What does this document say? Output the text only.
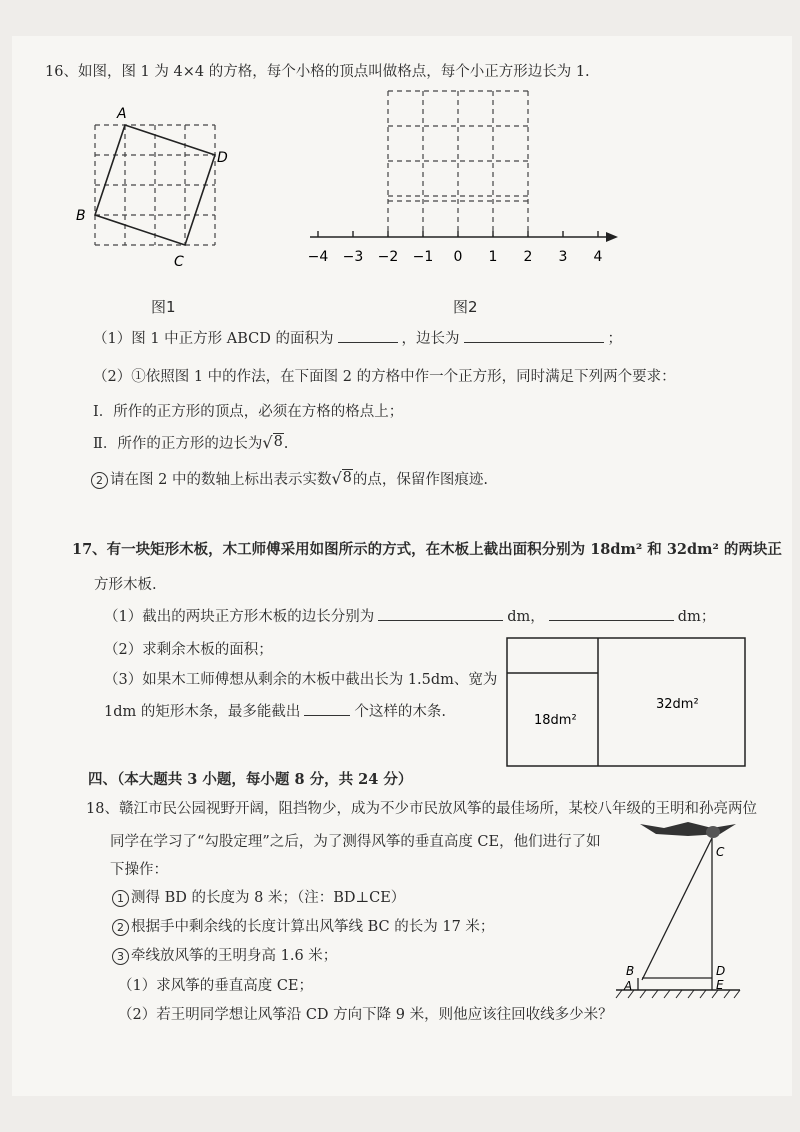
16、如图，图 1 为 4×4 的方格，每个小格的顶点叫做格点，每个小正方形边长为 1.
A
D
C
B
图1
−4 −3 −2 −1 0 1 2 3 4
图2
（1）图 1 中正方形 ABCD 的面积为	，边长为	；
（2）①依照图 1 中的作法，在下面图 2 的方格中作一个正方形，同时满足下列两个要求：
Ⅰ．所作的正方形的顶点，必须在方格的格点上；
Ⅱ．所作的正方形的边长为 √ 8 .
2 请在图 2 中的数轴上标出表示实数 √ 8 的点，保留作图痕迹.
17、有一块矩形木板，木工师傅采用如图所示的方式，在木板上截出面积分别为 18dm² 和 32dm² 的两块正
方形木板.
（1）截出的两块正方形木板的边长分别为	dm，	dm；
（2）求剩余木板的面积；
（3）如果木工师傅想从剩余的木板中截出长为 1.5dm、宽为
1dm 的矩形木条，最多能截出	个这样的木条.
18dm²
32dm²
四、（本大题共 3 小题，每小题 8 分，共 24 分）
18、赣江市民公园视野开阔，阻挡物少，成为不少市民放风筝的最佳场所，某校八年级的王明和孙亮两位
同学在学习了“勾股定理”之后，为了测得风筝的垂直高度 CE，他们进行了如
下操作：
1 测得 BD 的长度为 8 米；（注：BD⊥CE）
2 根据手中剩余线的长度计算出风筝线 BC 的长为 17 米；
3 牵线放风筝的王明身高 1.6 米；
（1）求风筝的垂直高度 CE；
（2）若王明同学想让风筝沿 CD 方向下降 9 米，则他应该往回收线多少米？
C
B
A
D
E
